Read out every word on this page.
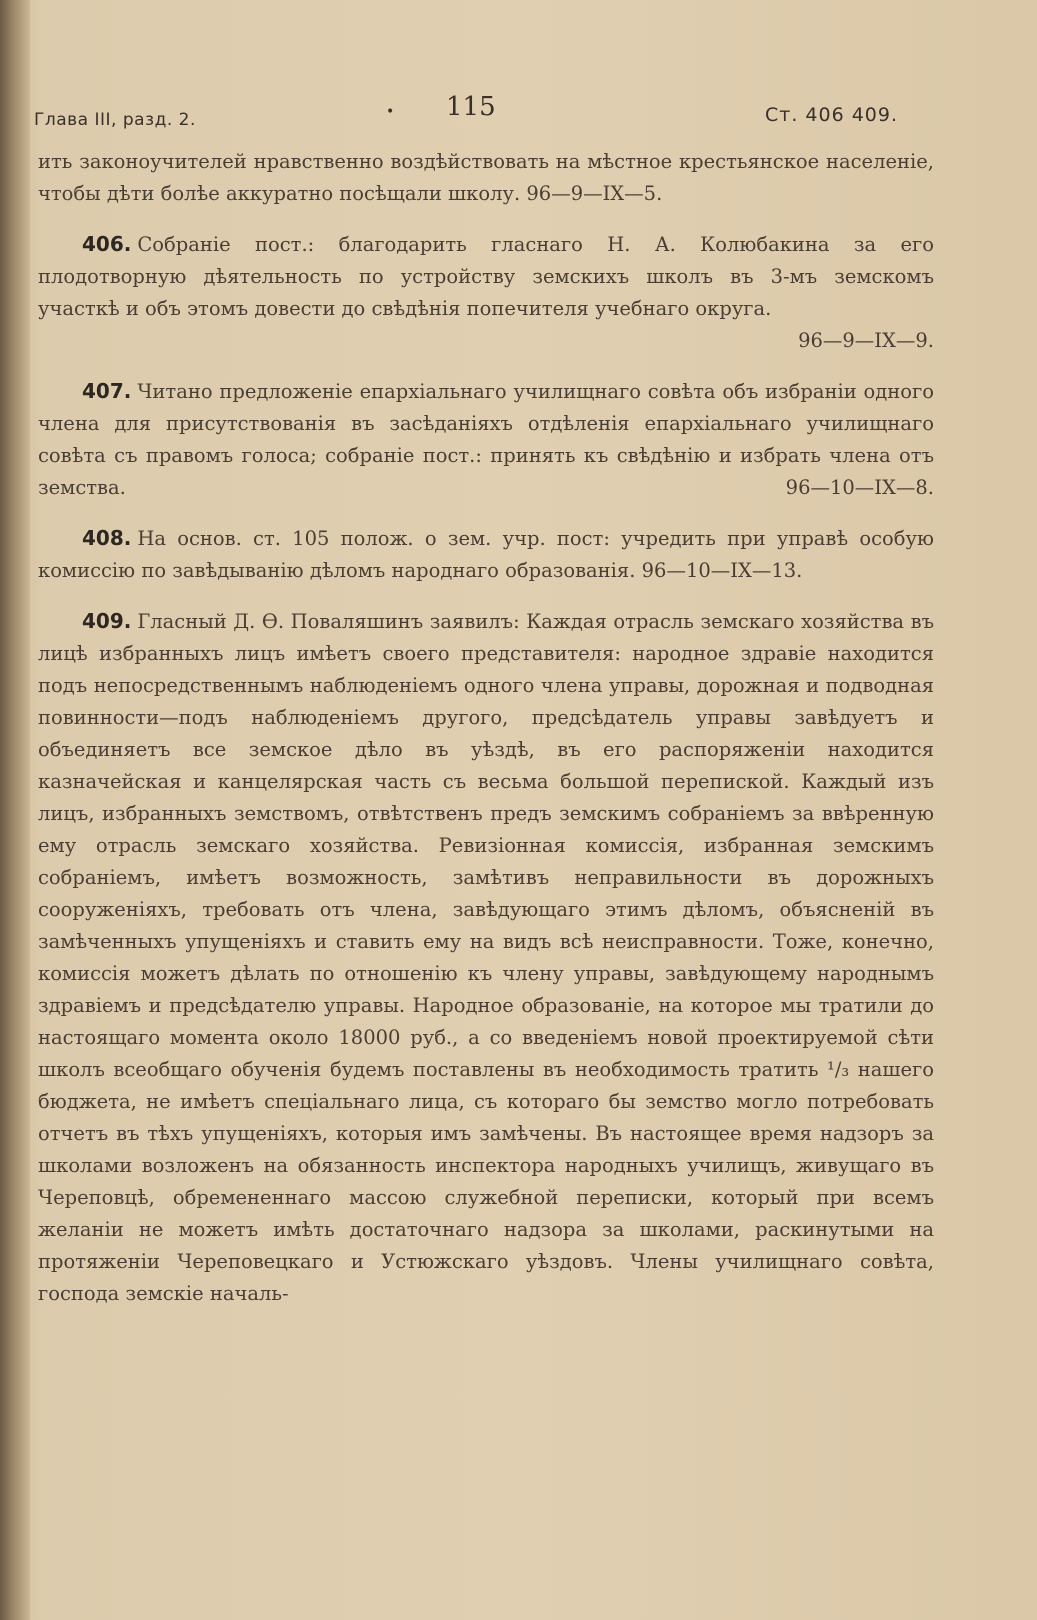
Глава III, разд. 2.	• 115	Ст. 406 409.

ить законоучителей нравственно воздѣйствовать на мѣстное крестьянское населеніе, чтобы дѣти болѣе аккуратно посѣщали школу. 96—9—IX—5.

406. Собраніе пост.: благодарить гласнаго Н. А. Колюбакина за его плодотворную дѣятельность по устройству земскихъ школъ въ 3-мъ земскомъ участкѣ и объ этомъ довести до свѣдѣнія попечителя учебнаго округа.
96—9—IX—9.

407. Читано предложеніе епархіальнаго училищнаго совѣта объ избраніи одного члена для присутствованія въ засѣданіяхъ отдѣленія епархіальнаго училищнаго совѣта съ правомъ голоса; собраніе пост.: принять къ свѣдѣнію и избрать члена отъ земства.	96—10—IX—8.

408. На основ. ст. 105 полож. о зем. учр. пост: учредить при управѣ особую комиссію по завѣдыванію дѣломъ народнаго образованія. 96—10—IX—13.

409. Гласный Д. Ѳ. Поваляшинъ заявилъ: Каждая отрасль земскаго хозяйства въ лицѣ избранныхъ лицъ имѣетъ своего представителя: народное здравіе находится подъ непосредственнымъ наблюденіемъ одного члена управы, дорожная и подводная повинности—подъ наблюденіемъ другого, предсѣдатель управы завѣдуетъ и объединяетъ все земское дѣло въ уѣздѣ, въ его распоряженіи находится казначейская и канцелярская часть съ весьма большой перепиской. Каждый изъ лицъ, избранныхъ земствомъ, отвѣтственъ предъ земскимъ собраніемъ за ввѣренную ему отрасль земскаго хозяйства. Ревизіонная комиссія, избранная земскимъ собраніемъ, имѣетъ возможность, замѣтивъ неправильности въ дорожныхъ сооруженіяхъ, требовать отъ члена, завѣдующаго этимъ дѣломъ, объясненій въ замѣченныхъ упущеніяхъ и ставить ему на видъ всѣ неисправности. Тоже, конечно, комиссія можетъ дѣлать по отношенію къ члену управы, завѣдующему народнымъ здравіемъ и предсѣдателю управы. Народное образованіе, на которое мы тратили до настоящаго момента около 18000 руб., а со введеніемъ новой проектируемой сѣти школъ всеобщаго обученія будемъ поставлены въ необходимость тратить ¹/₃ нашего бюджета, не имѣетъ спеціальнаго лица, съ котораго бы земство могло потребовать отчетъ въ тѣхъ упущеніяхъ, которыя имъ замѣчены. Въ настоящее время надзоръ за школами возложенъ на обязанность инспектора народныхъ училищъ, живущаго въ Череповцѣ, обремененнаго массою служебной переписки, который при всемъ желаніи не можетъ имѣть достаточнаго надзора за школами, раскинутыми на протяженіи Череповецкаго и Устюжскаго уѣздовъ. Члены училищнаго совѣта, господа земскіе началь-
